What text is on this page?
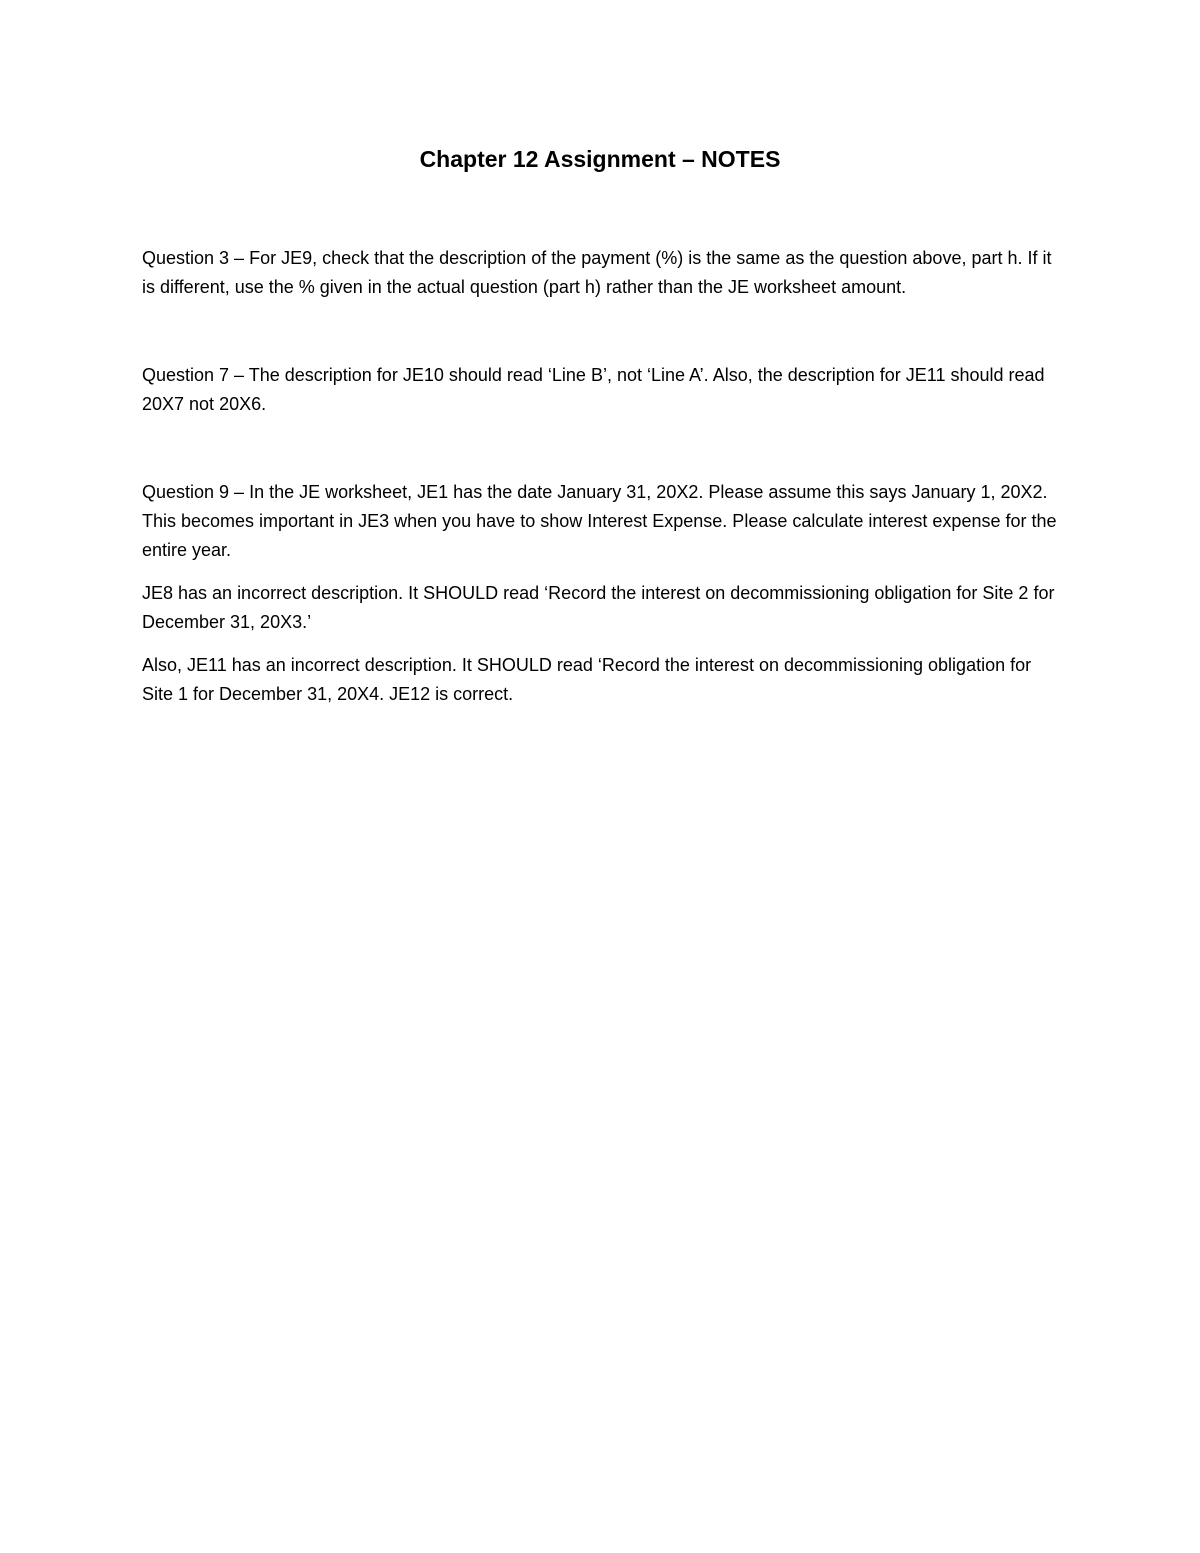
Chapter 12 Assignment – NOTES

Question 3 – For JE9, check that the description of the payment (%) is the same as the question above, part h. If it is different, use the % given in the actual question (part h) rather than the JE worksheet amount.

Question 7 – The description for JE10 should read ‘Line B’, not ‘Line A’. Also, the description for JE11 should read 20X7 not 20X6.

Question 9 – In the JE worksheet, JE1 has the date January 31, 20X2. Please assume this says January 1, 20X2. This becomes important in JE3 when you have to show Interest Expense. Please calculate interest expense for the entire year.

JE8 has an incorrect description. It SHOULD read ‘Record the interest on decommissioning obligation for Site 2 for December 31, 20X3.’

Also, JE11 has an incorrect description. It SHOULD read ‘Record the interest on decommissioning obligation for Site 1 for December 31, 20X4. JE12 is correct.
